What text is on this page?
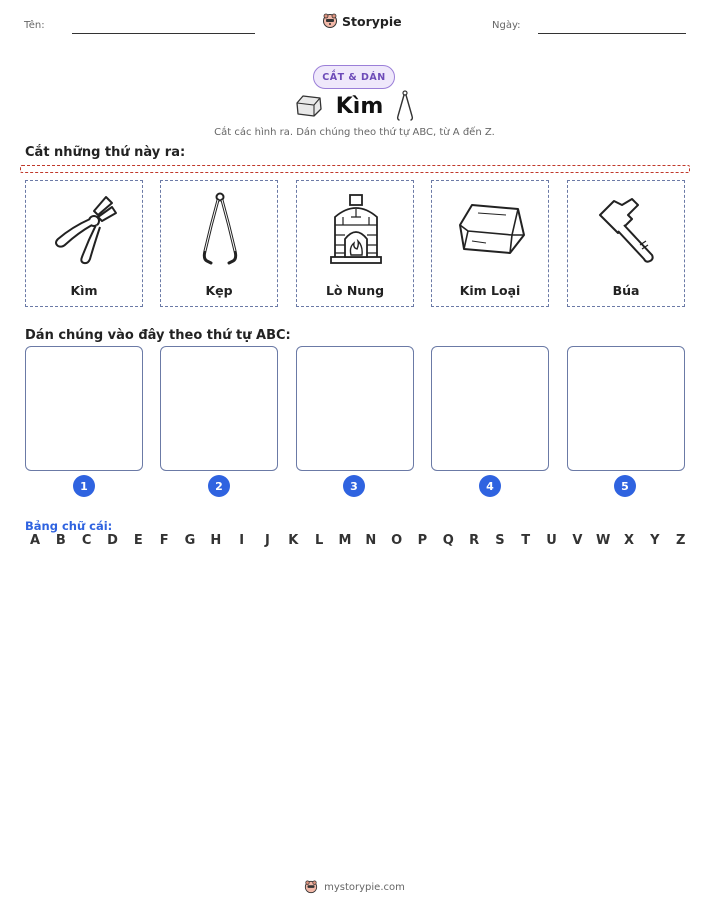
Tên:	Storypie	Ngày:
CẮT & DÁN
Kìm
Cắt các hình ra. Dán chúng theo thứ tự ABC, từ A đến Z.
Cắt những thứ này ra:
Kìm	Kẹp	Lò Nung	Kim Loại	Búa
Dán chúng vào đây theo thứ tự ABC:
1	2	3	4	5
Bảng chữ cái:
A	B	C	D	E	F	G	H	I	J	K	L	M	N	O	P	Q	R	S	T	U	V	W	X	Y	Z
mystorypie.com
